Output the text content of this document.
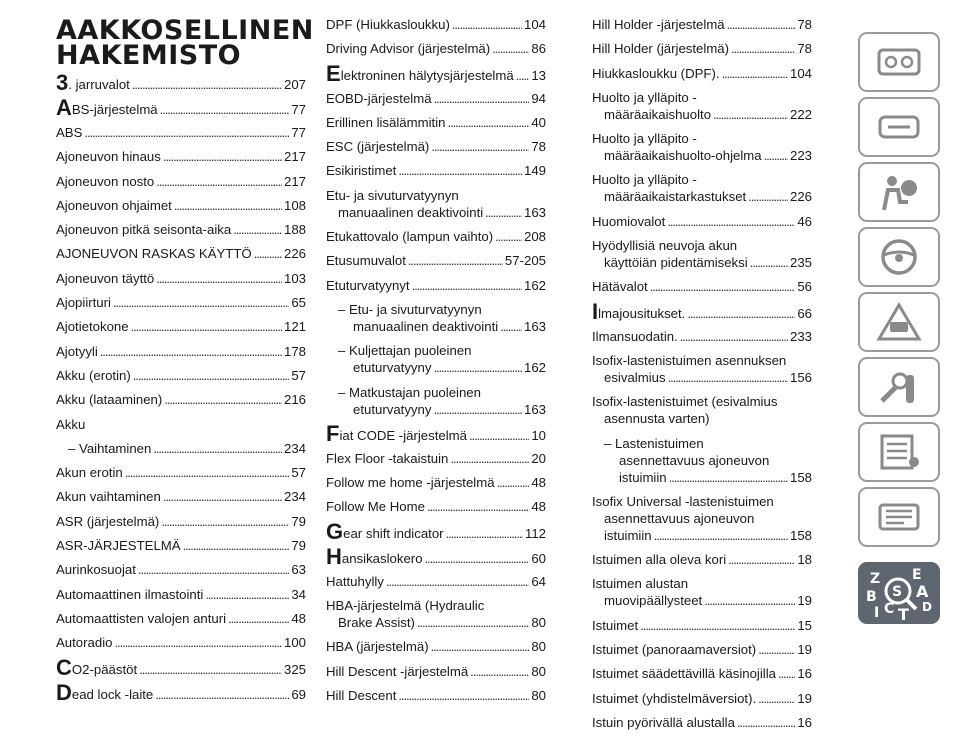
AAKKOSELLINEN
HAKEMISTO
3. jarruvalot . . .	207
ABS-järjestelmä . . .	77
ABS . . .	77
Ajoneuvon hinaus . . .	217
Ajoneuvon nosto . . .	217
Ajoneuvon ohjaimet . . .	108
Ajoneuvon pitkä seisonta-aika . . .	188
AJONEUVON RASKAS KÄYTTÖ . . . 226
Ajoneuvon täyttö . . .	103
Ajopiirturi . . .	65
Ajotietokone . . .	121
Ajotyyli . . .	178
Akku (erotin) . . .	57
Akku (lataaminen) . . .	216
Akku
– Vaihtaminen . . .	234
Akun erotin . . .	57
Akun vaihtaminen . . .	234
ASR (järjestelmä) . . .	79
ASR-JÄRJESTELMÄ . . .	79
Aurinkosuojat . . .	63
Automaattinen ilmastointi . . .	34
Automaattisten valojen anturi . . .	48
Autoradio . . .	100
CO2-päästöt . . .	325
Dead lock -laite . . .	69
DPF (Hiukkasloukku) . . .	104
Driving Advisor (järjestelmä) . . .	86
Elektroninen hälytysjärjestelmä . . . 13
EOBD-järjestelmä . . .	94
Erillinen lisälämmitin . . .	40
ESC (järjestelmä) . . .	78
Esikiristimet . . .	149
Etu- ja sivuturvatyynyn
manuaalinen deaktivointi . . .	163
Etukattovalo (lampun vaihto) . . . 208
Etusumuvalot . . .	57-205
Etuturvatyynyt . . .	162
– Etu- ja sivuturvatyynyn
manuaalinen deaktivointi . . . 163
– Kuljettajan puoleinen
etuturvatyyny . . .	162
– Matkustajan puoleinen
etuturvatyyny . . .	163
Fiat CODE -järjestelmä . . .	10
Flex Floor -takaistuin . . .	20
Follow me home -järjestelmä . . .	48
Follow Me Home . . .	48
Gear shift indicator . . .	112
Hansikaslokero . . .	60
Hattuhylly . . .	64
HBA-järjestelmä (Hydraulic
Brake Assist) . . .	80
HBA (järjestelmä) . . .	80
Hill Descent -järjestelmä . . .	80
Hill Descent . . .	80
Hill Holder -järjestelmä . . .	78
Hill Holder (järjestelmä) . . .	78
Hiukkasloukku (DPF). . . .	104
Huolto ja ylläpito -
määräaikaishuolto . . .	222
Huolto ja ylläpito -
määräaikaishuolto-ohjelma . . . 223
Huolto ja ylläpito -
määräaikaistarkastukset . . .	226
Huomiovalot . . .	46
Hyödyllisiä neuvoja akun
käyttöiän pidentämiseksi . . .	235
Hätävalot . . .	56
Ilmajousitukset. . . .	66
Ilmansuodatin. . . .	233
Isofix-lastenistuimen asennuksen
esivalmius . . .	156
Isofix-lastenistuimet (esivalmius
asennusta varten)
– Lastenistuimen
asennettavuus ajoneuvon
istuimiin . . .	158
Isofix Universal -lastenistuimen
asennettavuus ajoneuvon
istuimiin . . .	158
Istuimen alla oleva kori . . .	18
Istuimen alustan
muovipäällysteet . . .	19
Istuimet . . .	15
Istuimet (panoraamaversiot) . . .	19
Istuimet säädettävillä käsinojilla . . . 16
Istuimet (yhdistelmäversiot). . . .	19
Istuin pyörivällä alustalla . . .	16
Z E
S A
B
D
I C T
